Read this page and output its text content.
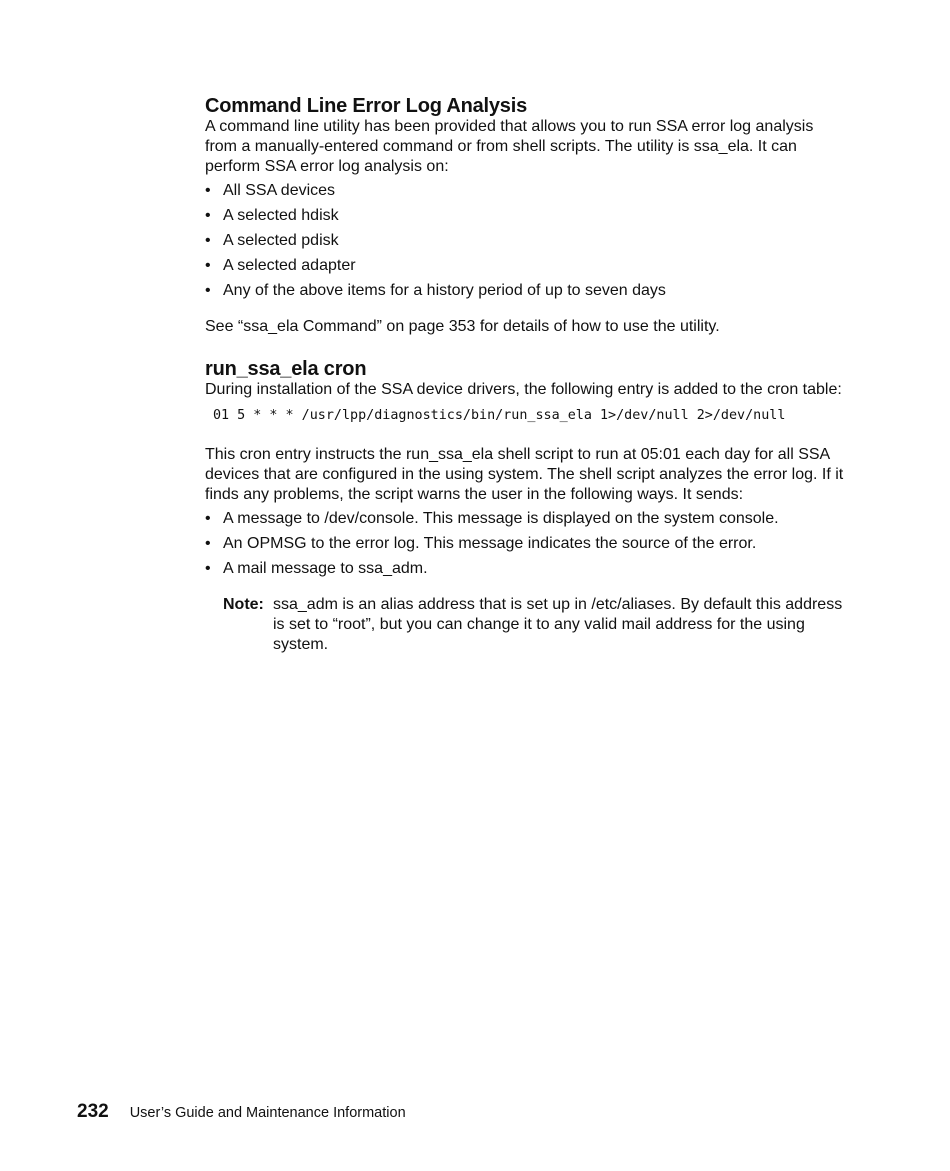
Command Line Error Log Analysis

A command line utility has been provided that allows you to run SSA error log analysis from a manually-entered command or from shell scripts. The utility is ssa_ela. It can perform SSA error log analysis on:

• All SSA devices
• A selected hdisk
• A selected pdisk
• A selected adapter
• Any of the above items for a history period of up to seven days

See “ssa_ela Command” on page 353 for details of how to use the utility.

run_ssa_ela cron

During installation of the SSA device drivers, the following entry is added to the cron table:

01 5 * * * /usr/lpp/diagnostics/bin/run_ssa_ela 1>/dev/null 2>/dev/null

This cron entry instructs the run_ssa_ela shell script to run at 05:01 each day for all SSA devices that are configured in the using system. The shell script analyzes the error log. If it finds any problems, the script warns the user in the following ways. It sends:

• A message to /dev/console. This message is displayed on the system console.
• An OPMSG to the error log. This message indicates the source of the error.
• A mail message to ssa_adm.
Note: ssa_adm is an alias address that is set up in /etc/aliases. By default this address is set to “root”, but you can change it to any valid mail address for the using system.
232 User’s Guide and Maintenance Information
